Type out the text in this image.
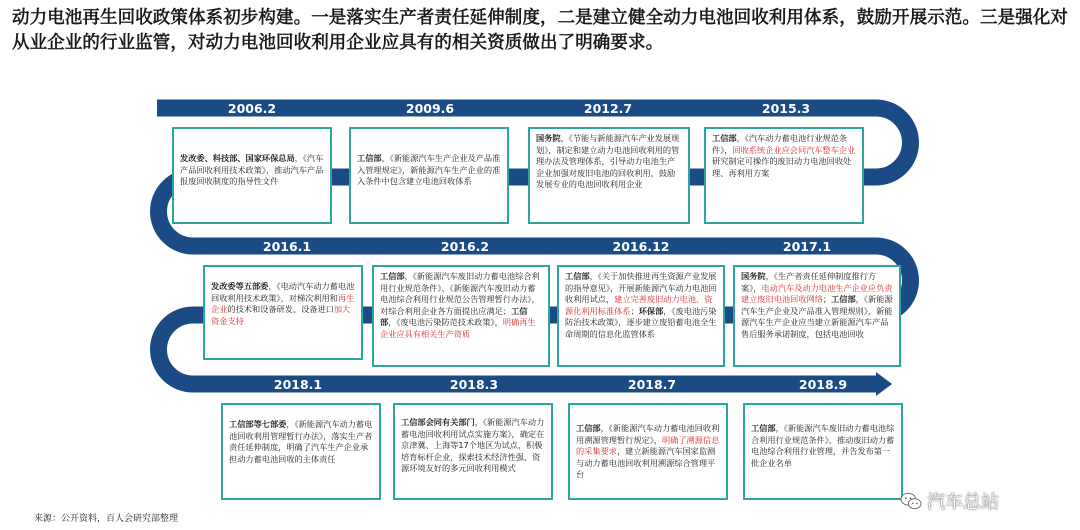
动力电池再生回收政策体系初步构建。一是落实生产者责任延伸制度，二是建立健全动力电池回收利用体系，鼓励开展示范。三是强化对从业企业的行业监管，对动力电池回收利用企业应具有的相关资质做出了明确要求。
2006.2	2009.6	2012.7	2015.3
2016.1	2016.2	2016.12	2017.1
2018.1	2018.3	2018.7	2018.9
发改委、科技部、国家环保总局，《汽车产品回收利用技术政策》，推动汽车产品报废回收制度的指导性文件
工信部，《新能源汽车生产企业及产品准入管理规定》，新能源汽车生产企业的准入条件中包含建立电池回收体系
国务院，《节能与新能源汽车产业发展规划》，制定和建立动力电池回收利用的管理办法及管理体系，引导动力电池生产企业加强对废旧电池的回收利用，鼓励发展专业的电池回收利用企业
工信部，《汽车动力蓄电池行业规范条件》，回收系统企业应会同汽车整车企业研究制定可操作的废旧动力电池回收处理、再利用方案
发改委等五部委，《电动汽车动力蓄电池回收利用技术政策》，对梯次利用和再生企业的技术和设备研发、设备进口加大资金支持
工信部，《新能源汽车废旧动力蓄电池综合利用行业规范条件》、《新能源汽车废旧动力蓄电池综合利用行业规范公告管理暂行办法》，对综合利用企业各方面提出应满足；工信部，《废电池污染防范技术政策》，明确再生企业应具有相关生产资质
工信部，《关于加快推进再生资源产业发展的指导意见》，开展新能源汽车动力电池回收利用试点，建立完善废旧动力电池、资源化利用标准体系；环保部，《废电池污染防治技术政策》，逐步建立废铅蓄电池全生命周期的信息化监管体系
国务院，《生产者责任延伸制度推行方案》，电动汽车及动力电池生产企业应负责建立废旧电池回收网络；工信部，《新能源汽车生产企业及产品准入管理规则》，新能源汽车生产企业应当建立新能源汽车产品售后服务承诺制度，包括电池回收
工信部等七部委，《新能源汽车动力蓄电池回收利用管理暂行办法》，落实生产者责任延伸制度，明确了汽车生产企业承担动力蓄电池回收的主体责任
工信部会同有关部门，《新能源汽车动力蓄电池回收利用试点实施方案》，确定在京津冀、上海等17个地区为试点，积极培育标杆企业，探索技术经济性强、资源环境友好的多元回收利用模式
工信部，《新能源汽车动力蓄电池回收利用溯源管理暂行规定》，明确了溯源信息的采集要求，建立新能源汽车国家监测与动力蓄电池回收利用溯源综合管理平台
工信部，《新能源汽车废旧动力蓄电池综合利用行业规范条件》，推动废旧动力蓄电池综合利用行业管理，并告发布第一批企业名单
来源：公开资料，百人会研究部整理
汽车总站
